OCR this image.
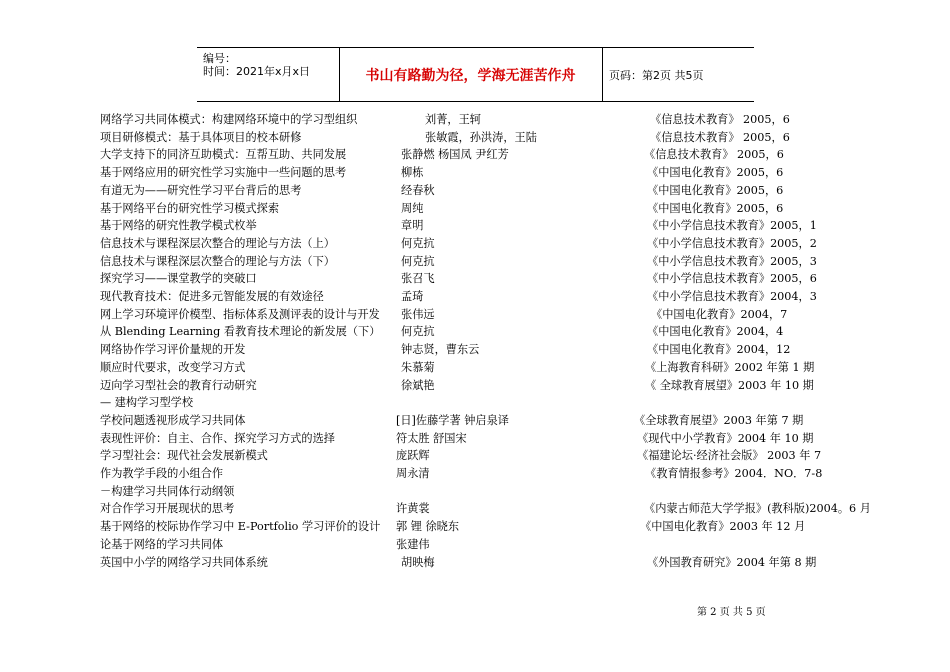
编号：
时间：2021年x月x日	书山有路勤为径，学海无涯苦作舟	页码：第2页 共5页
网络学习共同体模式：构建网络环境中的学习型组织	刘菁，王轲	《信息技术教育》 2005，6
项目研修模式：基于具体项目的校本研修	张敏霞，孙洪涛，王陆	《信息技术教育》 2005，6
大学支持下的同济互助模式：互帮互助、共同发展	张静燃 杨国凤 尹红芳	《信息技术教育》 2005，6
基于网络应用的研究性学习实施中一些问题的思考	柳栋	《中国电化教育》2005，6
有道无为——研究性学习平台背后的思考	经春秋	《中国电化教育》2005，6
基于网络平台的研究性学习模式探索	周纯	《中国电化教育》2005，6
基于网络的研究性教学模式枚举	章明	《中小学信息技术教育》2005，1
信息技术与课程深层次整合的理论与方法（上）	何克抗	《中小学信息技术教育》2005，2
信息技术与课程深层次整合的理论与方法（下）	何克抗	《中小学信息技术教育》2005，3
探究学习——课堂教学的突破口	张召飞	《中小学信息技术教育》2005，6
现代教育技术：促进多元智能发展的有效途径	孟琦	《中小学信息技术教育》2004，3
网上学习环境评价模型、指标体系及测评表的设计与开发 张伟远	《中国电化教育》2004，7
从 Blending Learning 看教育技术理论的新发展（下） 何克抗	《中国电化教育》2004，4
网络协作学习评价量规的开发	钟志贤，曹东云	《中国电化教育》2004，12
顺应时代要求，改变学习方式	朱慕菊	《上海教育科研》2002 年第 1 期
迈向学习型社会的教育行动研究	徐斌艳	《 全球教育展望》2003 年 10 期
— 建构学习型学校
学校问题透视形成学习共同体	[日]佐藤学著 钟启泉译	《全球教育展望》2003 年第 7 期
表现性评价：自主、合作、探究学习方式的选择	符太胜 舒国宋	《现代中小学教育》2004 年 10 期
学习型社会：现代社会发展新模式	庞跃辉	《福建论坛·经济社会版》 2003 年 7
作为教学手段的小组合作	周永清	《教育情报参考》2004．NO．7-8
－构建学习共同体行动纲领
对合作学习开展现状的思考	许黄裳	《内蒙古师范大学学报》(教科版)2004。6 月
基于网络的校际协作学习中 E-Portfolio 学习评价的设计 郭 锂 徐晓东	《中国电化教育》2003 年 12 月
论基于网络的学习共同体	张建伟
英国中小学的网络学习共同体系统	胡映梅	《外国教育研究》2004 年第 8 期
第 2 页 共 5 页
